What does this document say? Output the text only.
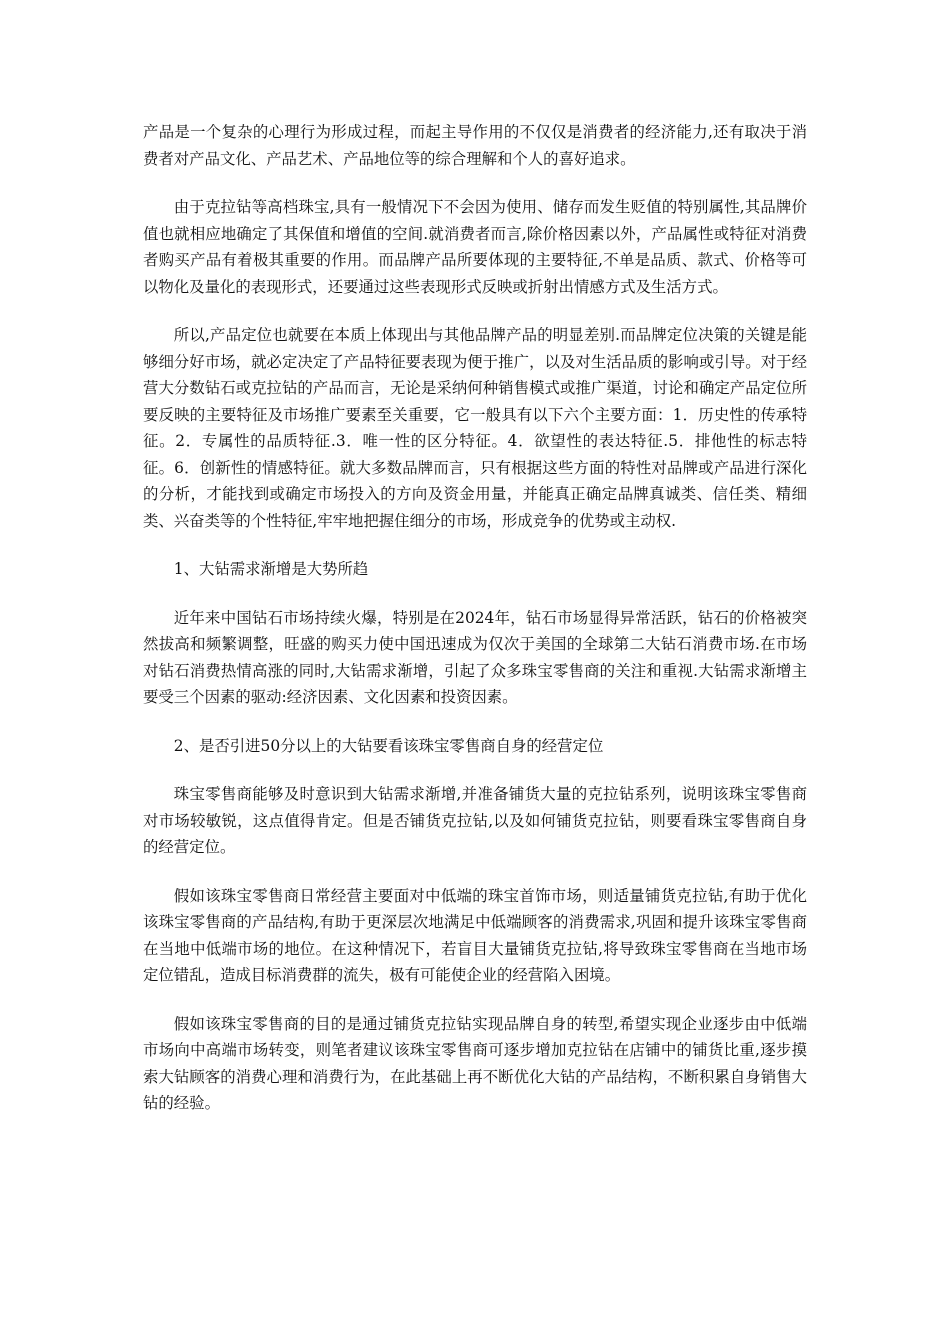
产品是一个复杂的心理行为形成过程，而起主导作用的不仅仅是消费者的经济能力,还有取决于消费者对产品文化、产品艺术、产品地位等的综合理解和个人的喜好追求。

由于克拉钻等高档珠宝,具有一般情况下不会因为使用、储存而发生贬值的特别属性,其品牌价值也就相应地确定了其保值和增值的空间.就消费者而言,除价格因素以外，产品属性或特征对消费者购买产品有着极其重要的作用。而品牌产品所要体现的主要特征,不单是品质、款式、价格等可以物化及量化的表现形式，还要通过这些表现形式反映或折射出情感方式及生活方式。

所以,产品定位也就要在本质上体现出与其他品牌产品的明显差别.而品牌定位决策的关键是能够细分好市场，就必定决定了产品特征要表现为便于推广，以及对生活品质的影响或引导。对于经营大分数钻石或克拉钻的产品而言，无论是采纳何种销售模式或推广渠道，讨论和确定产品定位所要反映的主要特征及市场推广要素至关重要，它一般具有以下六个主要方面：1．历史性的传承特征。2．专属性的品质特征.3．唯一性的区分特征。4．欲望性的表达特征.5．排他性的标志特征。6．创新性的情感特征。就大多数品牌而言，只有根据这些方面的特性对品牌或产品进行深化的分析，才能找到或确定市场投入的方向及资金用量，并能真正确定品牌真诚类、信任类、精细类、兴奋类等的个性特征,牢牢地把握住细分的市场，形成竞争的优势或主动权.

1、大钻需求渐增是大势所趋

近年来中国钻石市场持续火爆，特别是在2024年，钻石市场显得异常活跃，钻石的价格被突然拔高和频繁调整，旺盛的购买力使中国迅速成为仅次于美国的全球第二大钻石消费市场.在市场对钻石消费热情高涨的同时,大钻需求渐增，引起了众多珠宝零售商的关注和重视.大钻需求渐增主要受三个因素的驱动:经济因素、文化因素和投资因素。

2、是否引进50分以上的大钻要看该珠宝零售商自身的经营定位

珠宝零售商能够及时意识到大钻需求渐增,并准备铺货大量的克拉钻系列，说明该珠宝零售商对市场较敏锐，这点值得肯定。但是否铺货克拉钻,以及如何铺货克拉钻，则要看珠宝零售商自身的经营定位。

假如该珠宝零售商日常经营主要面对中低端的珠宝首饰市场，则适量铺货克拉钻,有助于优化该珠宝零售商的产品结构,有助于更深层次地满足中低端顾客的消费需求,巩固和提升该珠宝零售商在当地中低端市场的地位。在这种情况下，若盲目大量铺货克拉钻,将导致珠宝零售商在当地市场定位错乱，造成目标消费群的流失，极有可能使企业的经营陷入困境。

假如该珠宝零售商的目的是通过铺货克拉钻实现品牌自身的转型,希望实现企业逐步由中低端市场向中高端市场转变，则笔者建议该珠宝零售商可逐步增加克拉钻在店铺中的铺货比重,逐步摸索大钻顾客的消费心理和消费行为，在此基础上再不断优化大钻的产品结构，不断积累自身销售大钻的经验。
